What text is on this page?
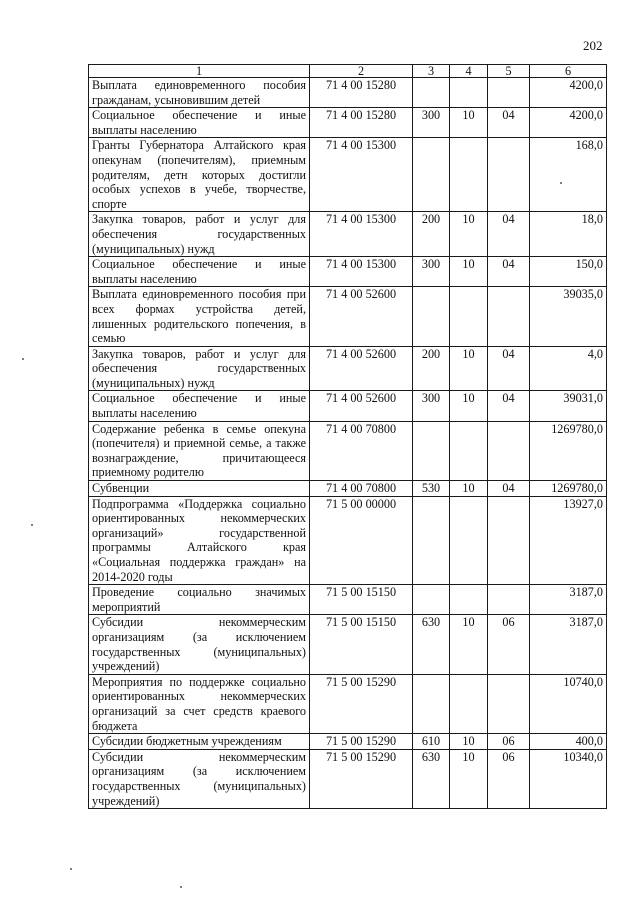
202
1	2	3	4	5	6
Выплата единовременного пособия гражданам, усыновившим детей	71 4 00 15280				4200,0
Социальное обеспечение и иные выплаты населению	71 4 00 15280	300	10	04	4200,0
Гранты Губернатора Алтайского края опекунам (попечителям), приемным родителям, детн которых достигли особых успехов в учебе, творчестве, спорте	71 4 00 15300				168,0
Закупка товаров, работ и услуг для обеспечения государственных (муниципальных) нужд	71 4 00 15300	200	10	04	18,0
Социальное обеспечение и иные выплаты населению	71 4 00 15300	300	10	04	150,0
Выплата единовременного пособия при всех формах устройства детей, лишенных родительского попечения, в семью	71 4 00 52600				39035,0
Закупка товаров, работ и услуг для обеспечения государственных (муниципальных) нужд	71 4 00 52600	200	10	04	4,0
Социальное обеспечение и иные выплаты населению	71 4 00 52600	300	10	04	39031,0
Содержание ребенка в семье опекуна (попечителя) и приемной семье, а также вознаграждение, причитающееся приемному родителю	71 4 00 70800				1269780,0
Субвенции	71 4 00 70800	530	10	04	1269780,0
Подпрограмма «Поддержка социально ориентированных некоммерческих организаций» государственной программы Алтайского края «Социальная поддержка граждан» на 2014-2020 годы	71 5 00 00000				13927,0
Проведение социально значимых мероприятий	71 5 00 15150				3187,0
Субсидии некоммерческим организациям (за исключением государственных (муниципальных) учреждений)	71 5 00 15150	630	10	06	3187,0
Мероприятия по поддержке социально ориентированных некоммерческих организаций за счет средств краевого бюджета	71 5 00 15290				10740,0
Субсидии бюджетным учреждениям	71 5 00 15290	610	10	06	400,0
Субсидии некоммерческим организациям (за исключением государственных (муниципальных) учреждений)	71 5 00 15290	630	10	06	10340,0
